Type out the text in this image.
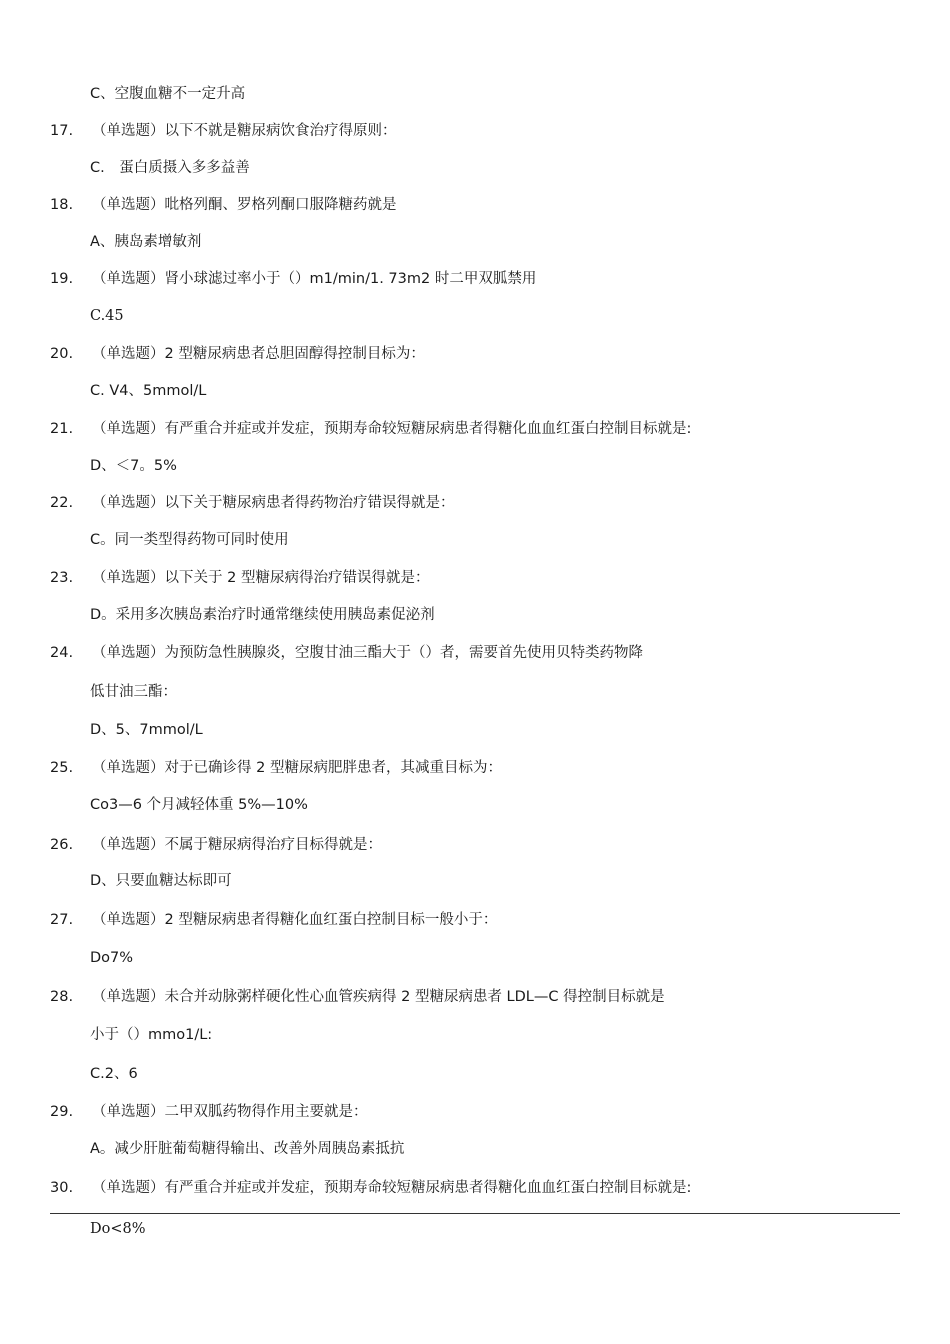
C、空腹血糖不一定升高
17. （单选题）以下不就是糖尿病饮食治疗得原则：
C.　蛋白质摄入多多益善
18. （单选题）吡格列酮、罗格列酮口服降糖药就是
A、胰岛素增敏剂
19. （单选题）肾小球滤过率小于（）m1/min/1. 73m2 时二甲双胍禁用
C.45
20. （单选题）2 型糖尿病患者总胆固醇得控制目标为：
C. V4、5mmol/L
21. （单选题）有严重合并症或并发症，预期寿命较短糖尿病患者得糖化血血红蛋白控制目标就是:
D、＜7。5%
22. （单选题）以下关于糖尿病患者得药物治疗错误得就是：
C。同一类型得药物可同时使用
23. （单选题）以下关于 2 型糖尿病得治疗错误得就是：
D。采用多次胰岛素治疗时通常继续使用胰岛素促泌剂
24. （单选题）为预防急性胰腺炎，空腹甘油三酯大于（）者，需要首先使用贝特类药物降
低甘油三酯：
D、5、7mmol/L
25. （单选题）对于已确诊得 2 型糖尿病肥胖患者，其减重目标为：
Co3—6 个月减轻体重 5%—10%
26. （单选题）不属于糖尿病得治疗目标得就是：
D、只要血糖达标即可
27. （单选题）2 型糖尿病患者得糖化血红蛋白控制目标一般小于：
Do7%
28. （单选题）未合并动脉粥样硬化性心血管疾病得 2 型糖尿病患者 LDL—C 得控制目标就是
小于（）mmo1/L:
C.2、6
29. （单选题）二甲双胍药物得作用主要就是：
A。减少肝脏葡萄糖得输出、改善外周胰岛素抵抗
30. （单选题）有严重合并症或并发症，预期寿命较短糖尿病患者得糖化血血红蛋白控制目标就是:
Do<8%
